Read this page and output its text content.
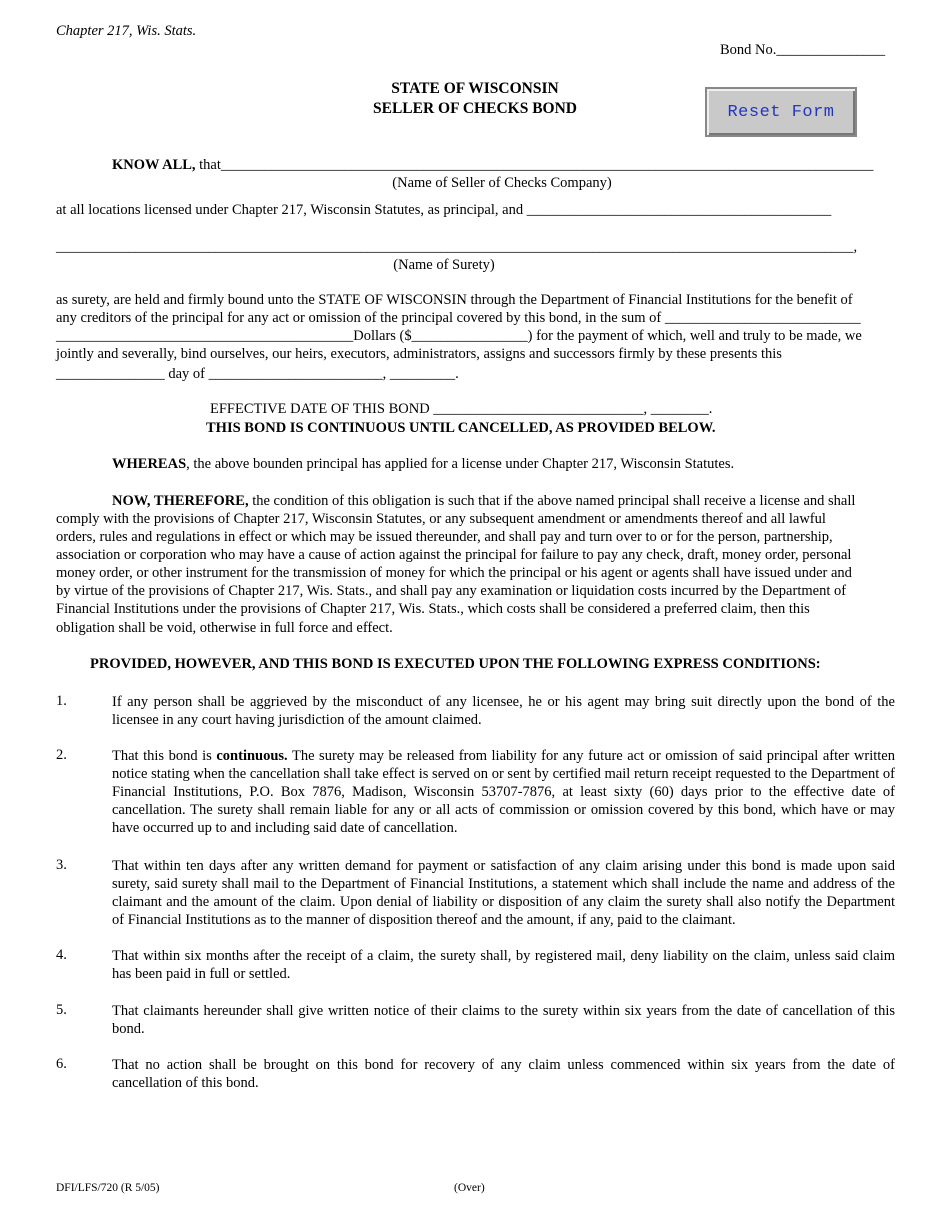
Chapter 217, Wis. Stats.
Bond No._______________
STATE OF WISCONSIN
SELLER OF CHECKS BOND	Reset Form
KNOW ALL, that__________________________________________________________________________________________
(Name of Seller of Checks Company)
at all locations licensed under Chapter 217, Wisconsin Statutes, as principal, and __________________________________________
______________________________________________________________________________________________________________,
(Name of Surety)
as surety, are held and firmly bound unto the STATE OF WISCONSIN through the Department of Financial Institutions for the benefit of
any creditors of the principal for any act or omission of the principal covered by this bond, in the sum of ___________________________
_________________________________________Dollars ($________________) for the payment of which, well and truly to be made, we
jointly and severally, bind ourselves, our heirs, executors, administrators, assigns and successors firmly by these presents this
_______________ day of ________________________, _________.
EFFECTIVE DATE OF THIS BOND _____________________________, ________.
THIS BOND IS CONTINUOUS UNTIL CANCELLED, AS PROVIDED BELOW.
WHEREAS, the above bounden principal has applied for a license under Chapter 217, Wisconsin Statutes.
NOW, THEREFORE, the condition of this obligation is such that if the above named principal shall receive a license and shall
comply with the provisions of Chapter 217, Wisconsin Statutes, or any subsequent amendment or amendments thereof and all lawful
orders, rules and regulations in effect or which may be issued thereunder, and shall pay and turn over to or for the person, partnership,
association or corporation who may have a cause of action against the principal for failure to pay any check, draft, money order, personal
money order, or other instrument for the transmission of money for which the principal or his agent or agents shall have issued under and
by virtue of the provisions of Chapter 217, Wis. Stats., and shall pay any examination or liquidation costs incurred by the Department of
Financial Institutions under the provisions of Chapter 217, Wis. Stats., which costs shall be considered a preferred claim, then this
obligation shall be void, otherwise in full force and effect.
PROVIDED, HOWEVER, AND THIS BOND IS EXECUTED UPON THE FOLLOWING EXPRESS CONDITIONS:
1.	If any person shall be aggrieved by the misconduct of any licensee, he or his agent may bring suit directly upon the bond of the licensee in any court having jurisdiction of the amount claimed.
2.	That this bond is continuous. The surety may be released from liability for any future act or omission of said principal after written notice stating when the cancellation shall take effect is served on or sent by certified mail return receipt requested to the Department of Financial Institutions, P.O. Box 7876, Madison, Wisconsin 53707-7876, at least sixty (60) days prior to the effective date of cancellation. The surety shall remain liable for any or all acts of commission or omission covered by this bond, which have or may have occurred up to and including said date of cancellation.
3.	That within ten days after any written demand for payment or satisfaction of any claim arising under this bond is made upon said surety, said surety shall mail to the Department of Financial Institutions, a statement which shall include the name and address of the claimant and the amount of the claim. Upon denial of liability or disposition of any claim the surety shall also notify the Department of Financial Institutions as to the manner of disposition thereof and the amount, if any, paid to the claimant.
4.	That within six months after the receipt of a claim, the surety shall, by registered mail, deny liability on the claim, unless said claim has been paid in full or settled.
5.	That claimants hereunder shall give written notice of their claims to the surety within six years from the date of cancellation of this bond.
6.	That no action shall be brought on this bond for recovery of any claim unless commenced within six years from the date of cancellation of this bond.
DFI/LFS/720 (R 5/05)	(Over)
